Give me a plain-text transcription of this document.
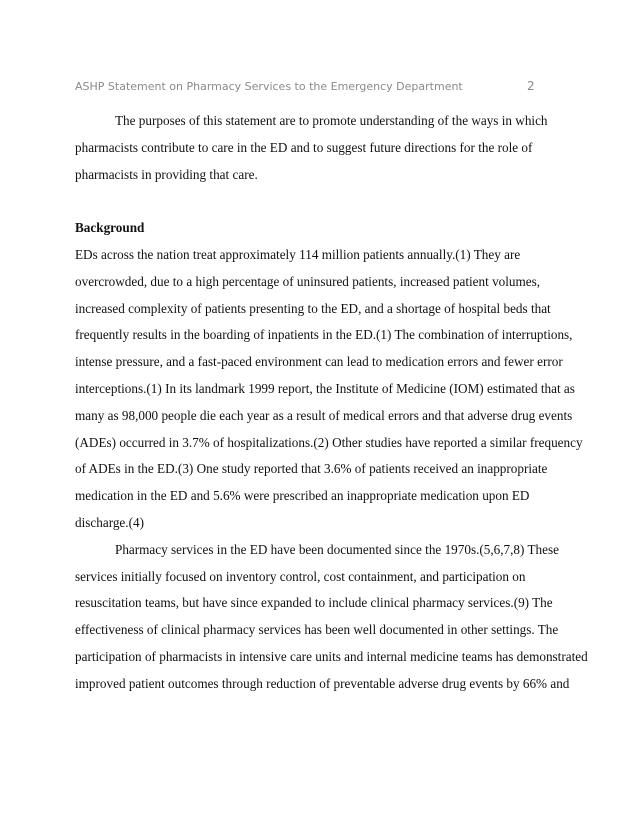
ASHP Statement on Pharmacy Services to the Emergency Department	2
The purposes of this statement are to promote understanding of the ways in which
pharmacists contribute to care in the ED and to suggest future directions for the role of
pharmacists in providing that care.
Background
EDs across the nation treat approximately 114 million patients annually.(1) They are
overcrowded, due to a high percentage of uninsured patients, increased patient volumes,
increased complexity of patients presenting to the ED, and a shortage of hospital beds that
frequently results in the boarding of inpatients in the ED.(1) The combination of interruptions,
intense pressure, and a fast-paced environment can lead to medication errors and fewer error
interceptions.(1) In its landmark 1999 report, the Institute of Medicine (IOM) estimated that as
many as 98,000 people die each year as a result of medical errors and that adverse drug events
(ADEs) occurred in 3.7% of hospitalizations.(2) Other studies have reported a similar frequency
of ADEs in the ED.(3) One study reported that 3.6% of patients received an inappropriate
medication in the ED and 5.6% were prescribed an inappropriate medication upon ED
discharge.(4)
Pharmacy services in the ED have been documented since the 1970s.(5,6,7,8) These
services initially focused on inventory control, cost containment, and participation on
resuscitation teams, but have since expanded to include clinical pharmacy services.(9) The
effectiveness of clinical pharmacy services has been well documented in other settings. The
participation of pharmacists in intensive care units and internal medicine teams has demonstrated
improved patient outcomes through reduction of preventable adverse drug events by 66% and
